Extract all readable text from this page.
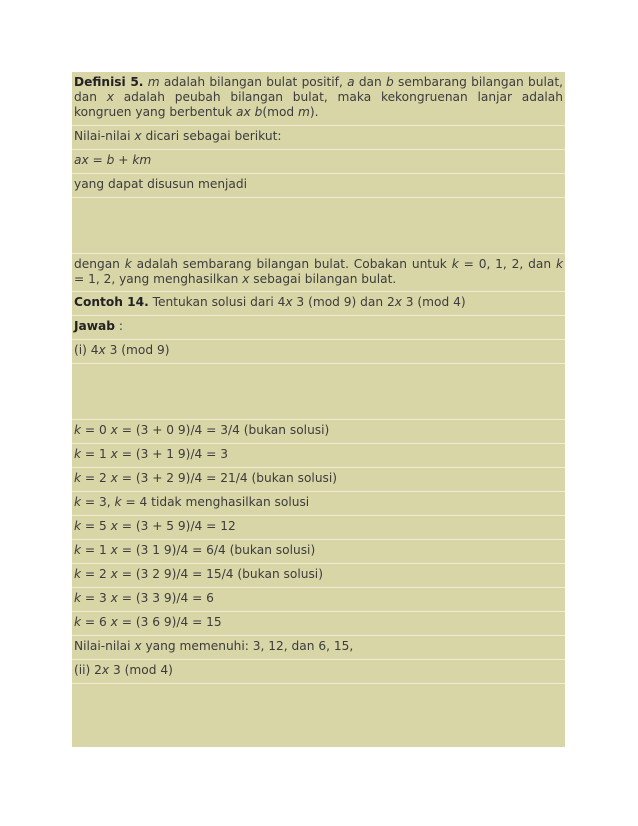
Definisi 5. m adalah bilangan bulat positif, a dan b sembarang bilangan bulat, dan x adalah peubah bilangan bulat, maka kekongruenan lanjar adalah kongruen yang berbentuk ax b(mod m).
Nilai-nilai x dicari sebagai berikut:
ax = b + km
yang dapat disusun menjadi
dengan k adalah sembarang bilangan bulat. Cobakan untuk k = 0, 1, 2, dan k = 1, 2, yang menghasilkan x sebagai bilangan bulat.
Contoh 14. Tentukan solusi dari 4x 3 (mod 9) dan 2x 3 (mod 4)
Jawab :
(i) 4x 3 (mod 9)
k = 0 x = (3 + 0 9)/4 = 3/4 (bukan solusi)
k = 1 x = (3 + 1 9)/4 = 3
k = 2 x = (3 + 2 9)/4 = 21/4 (bukan solusi)
k = 3, k = 4 tidak menghasilkan solusi
k = 5 x = (3 + 5 9)/4 = 12
k = 1 x = (3 1 9)/4 = 6/4 (bukan solusi)
k = 2 x = (3 2 9)/4 = 15/4 (bukan solusi)
k = 3 x = (3 3 9)/4 = 6
k = 6 x = (3 6 9)/4 = 15
Nilai-nilai x yang memenuhi: 3, 12, dan 6, 15,
(ii) 2x 3 (mod 4)
